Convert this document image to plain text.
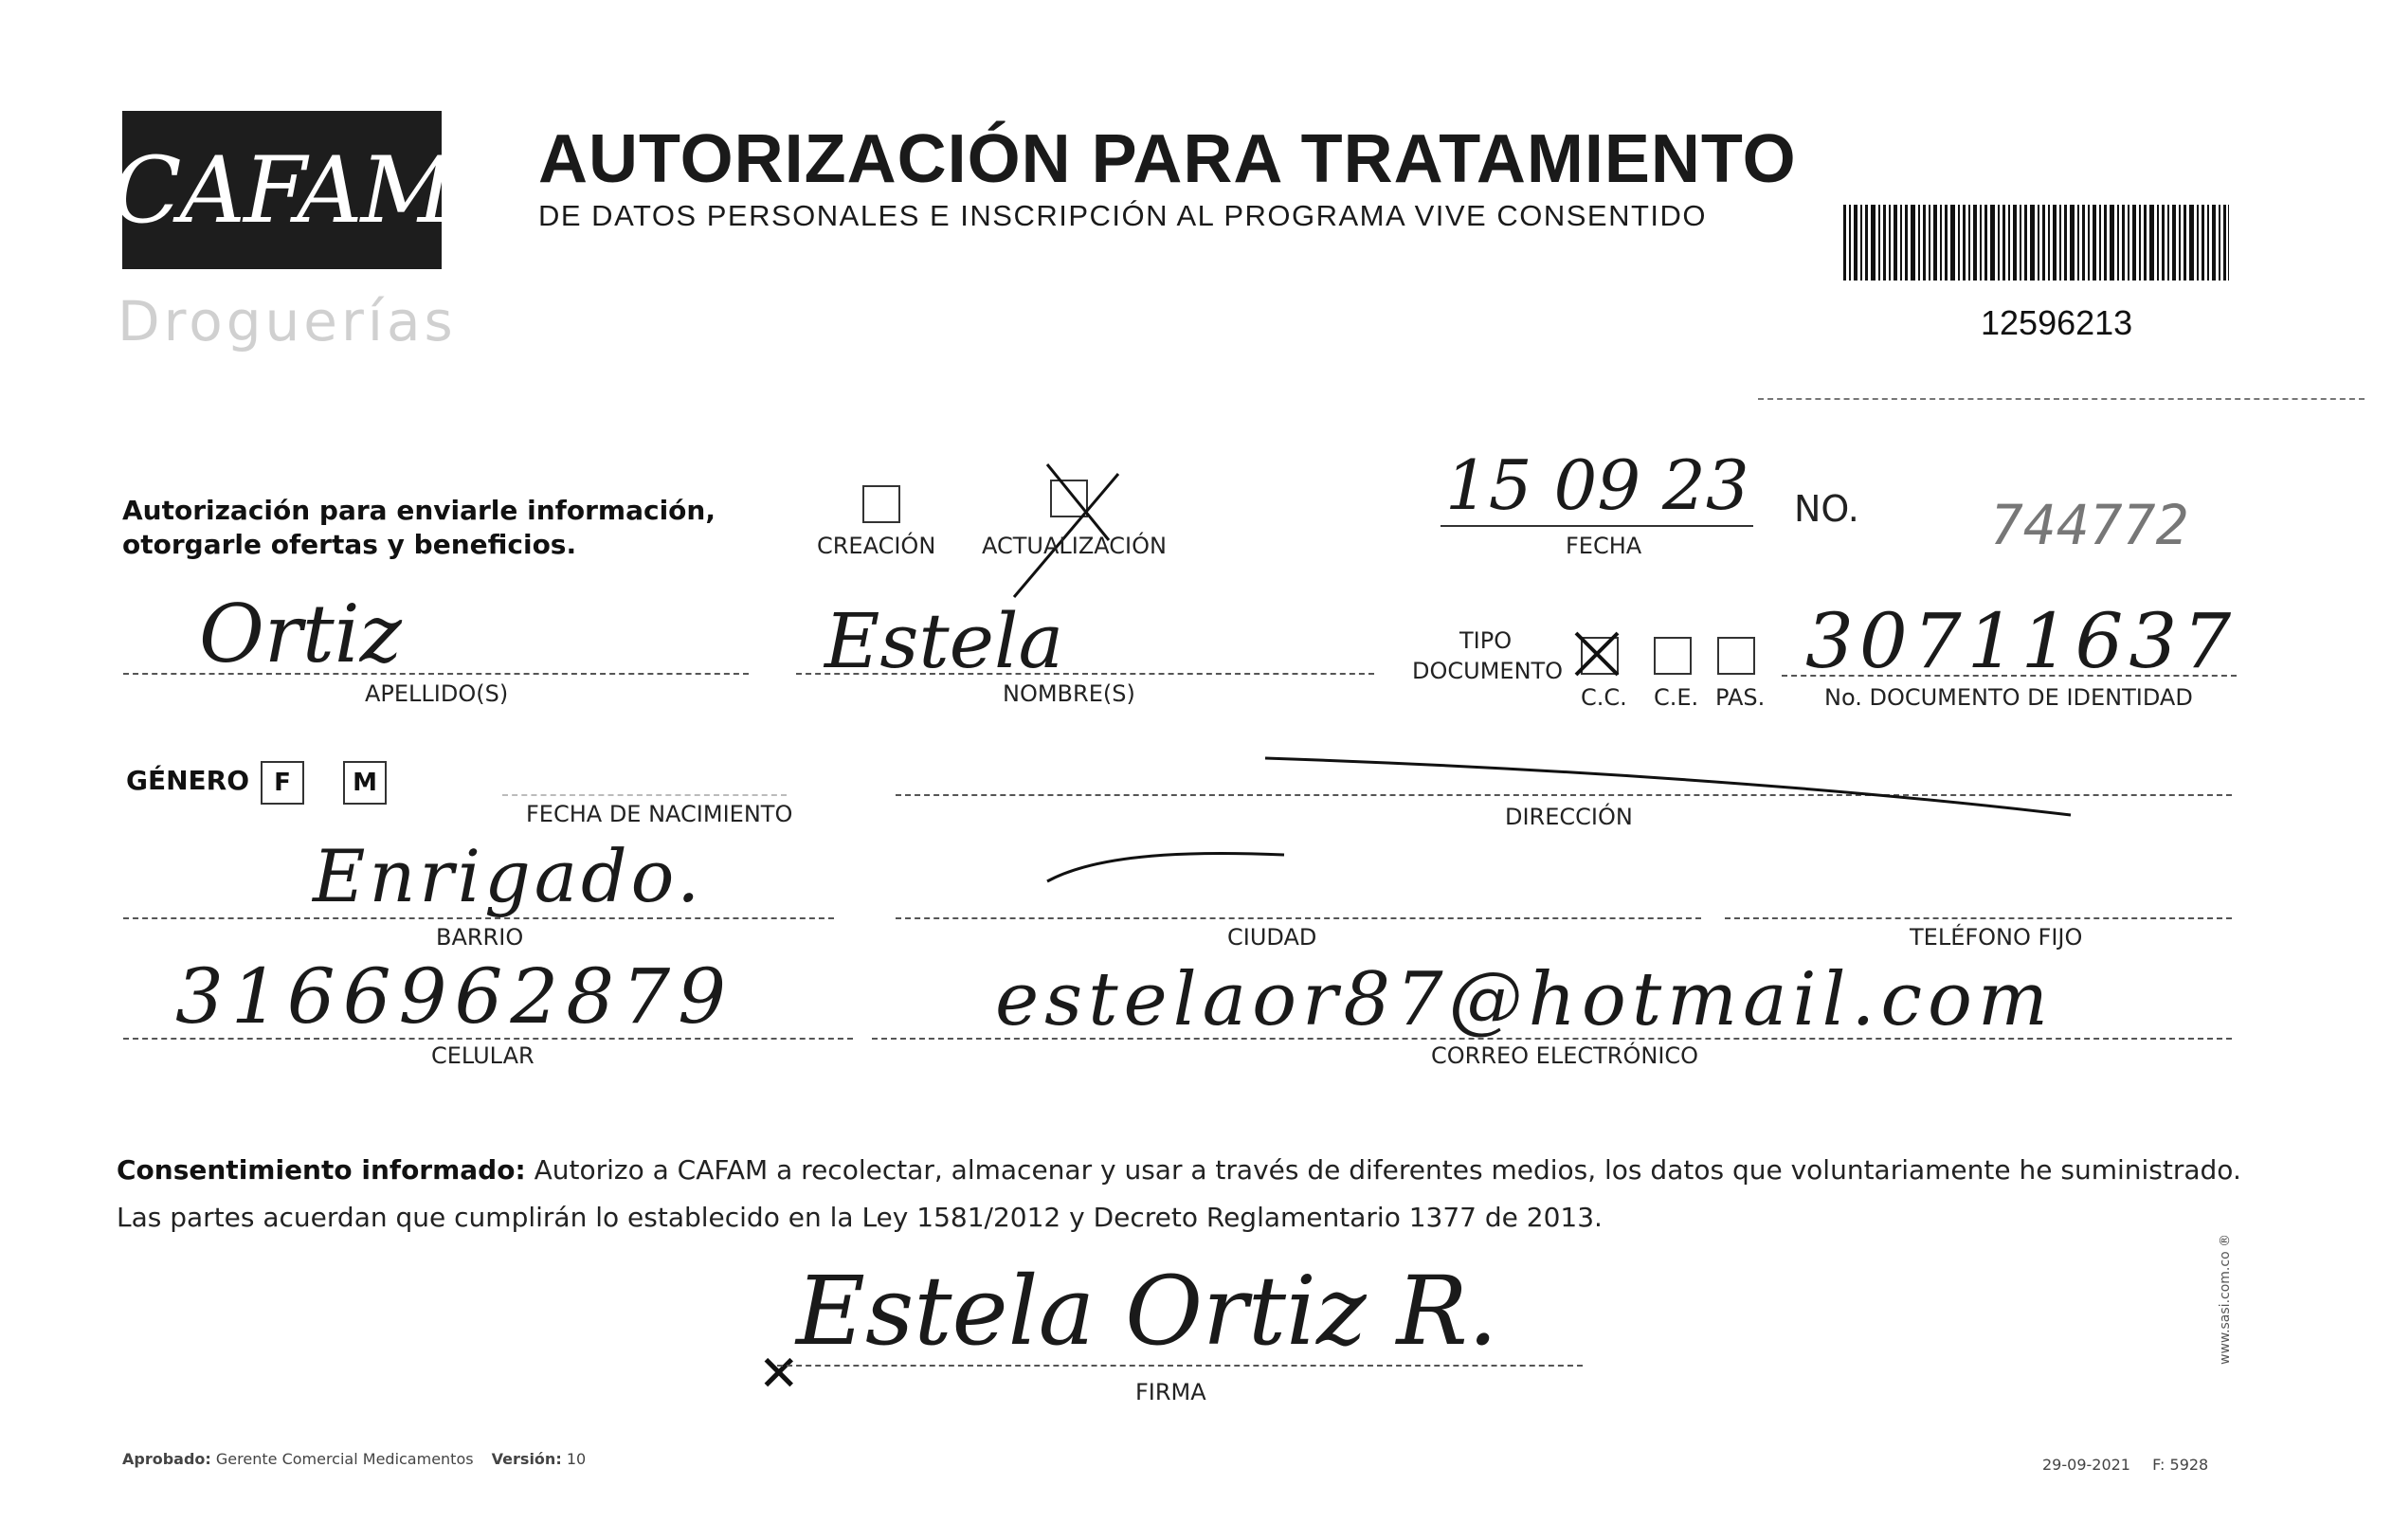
CAFAM
Droguerías
AUTORIZACIÓN PARA TRATAMIENTO
DE DATOS PERSONALES E INSCRIPCIÓN AL PROGRAMA VIVE CONSENTIDO
12596213
Autorización para enviarle información,
otorgarle ofertas y beneficios.	CREACIÓN ACTUALIZACIÓN
15 09 23
FECHA
NO. 744772
Ortiz
APELLIDO(S)
Estela
NOMBRE(S)
TIPO
DOCUMENTO
C.C. C.E. PAS.
30711637
No. DOCUMENTO DE IDENTIDAD
GÉNERO F	M
FECHA DE NACIMIENTO	DIRECCIÓN
Enrigado.
BARRIO	CIUDAD	TELÉFONO FIJO
3166962879
CELULAR
estelaor87@hotmail.com
CORREO ELECTRÓNICO
Consentimiento informado: Autorizo a CAFAM a recolectar, almacenar y usar a través de diferentes medios, los datos que voluntariamente he suministrado.
Las partes acuerdan que cumplirán lo establecido en la Ley 1581/2012 y Decreto Reglamentario 1377 de 2013.
Estela Ortiz R.
✕	FIRMA
Aprobado: Gerente Comercial Medicamentos Versión: 10	29-09-2021 F: 5928
www.sasi.com.co ®
